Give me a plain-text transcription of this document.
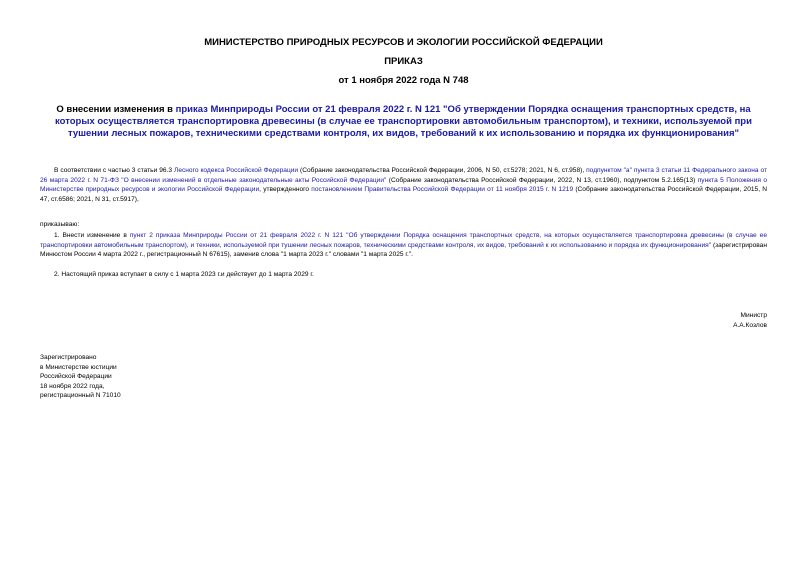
МИНИСТЕРСТВО ПРИРОДНЫХ РЕСУРСОВ И ЭКОЛОГИИ РОССИЙСКОЙ ФЕДЕРАЦИИ
ПРИКАЗ
от 1 ноября 2022 года N 748
О внесении изменения в приказ Минприроды России от 21 февраля 2022 г. N 121 "Об утверждении Порядка оснащения транспортных средств, на которых осуществляется транспортировка древесины (в случае ее транспортировки автомобильным транспортом), и техники, используемой при тушении лесных пожаров, техническими средствами контроля, их видов, требований к их использованию и порядка их функционирования"
В соответствии с частью 3 статьи 96.3 Лесного кодекса Российской Федерации (Собрание законодательства Российской Федерации, 2006, N 50, ст.5278; 2021, N 6, ст.958), подпунктом "а" пункта 3 статьи 11 Федерального закона от 26 марта 2022 г. N 71-ФЗ "О внесении изменений в отдельные законодательные акты Российской Федерации" (Собрание законодательства Российской Федерации, 2022, N 13, ст.1960), подпунктом 5.2.165(13) пункта 5 Положения о Министерстве природных ресурсов и экологии Российской Федерации, утвержденного постановлением Правительства Российской Федерации от 11 ноября 2015 г. N 1219 (Собрание законодательства Российской Федерации, 2015, N 47, ст.6586; 2021, N 31, ст.5917),
приказываю:
1. Внести изменение в пункт 2 приказа Минприроды России от 21 февраля 2022 г. N 121 "Об утверждении Порядка оснащения транспортных средств, на которых осуществляется транспортировка древесины (в случае ее транспортировки автомобильным транспортом), и техники, используемой при тушении лесных пожаров, техническими средствами контроля, их видов, требований к их использованию и порядка их функционирования" (зарегистрирован Минюстом России 4 марта 2022 г., регистрационный N 67615), заменив слова "1 марта 2023 г." словами "1 марта 2025 г.".
2. Настоящий приказ вступает в силу с 1 марта 2023 г.и действует до 1 марта 2029 г.
Министр
А.А.Козлов
Зарегистрировано
в Министерстве юстиции
Российской Федерации
18 ноября 2022 года,
регистрационный N 71010
